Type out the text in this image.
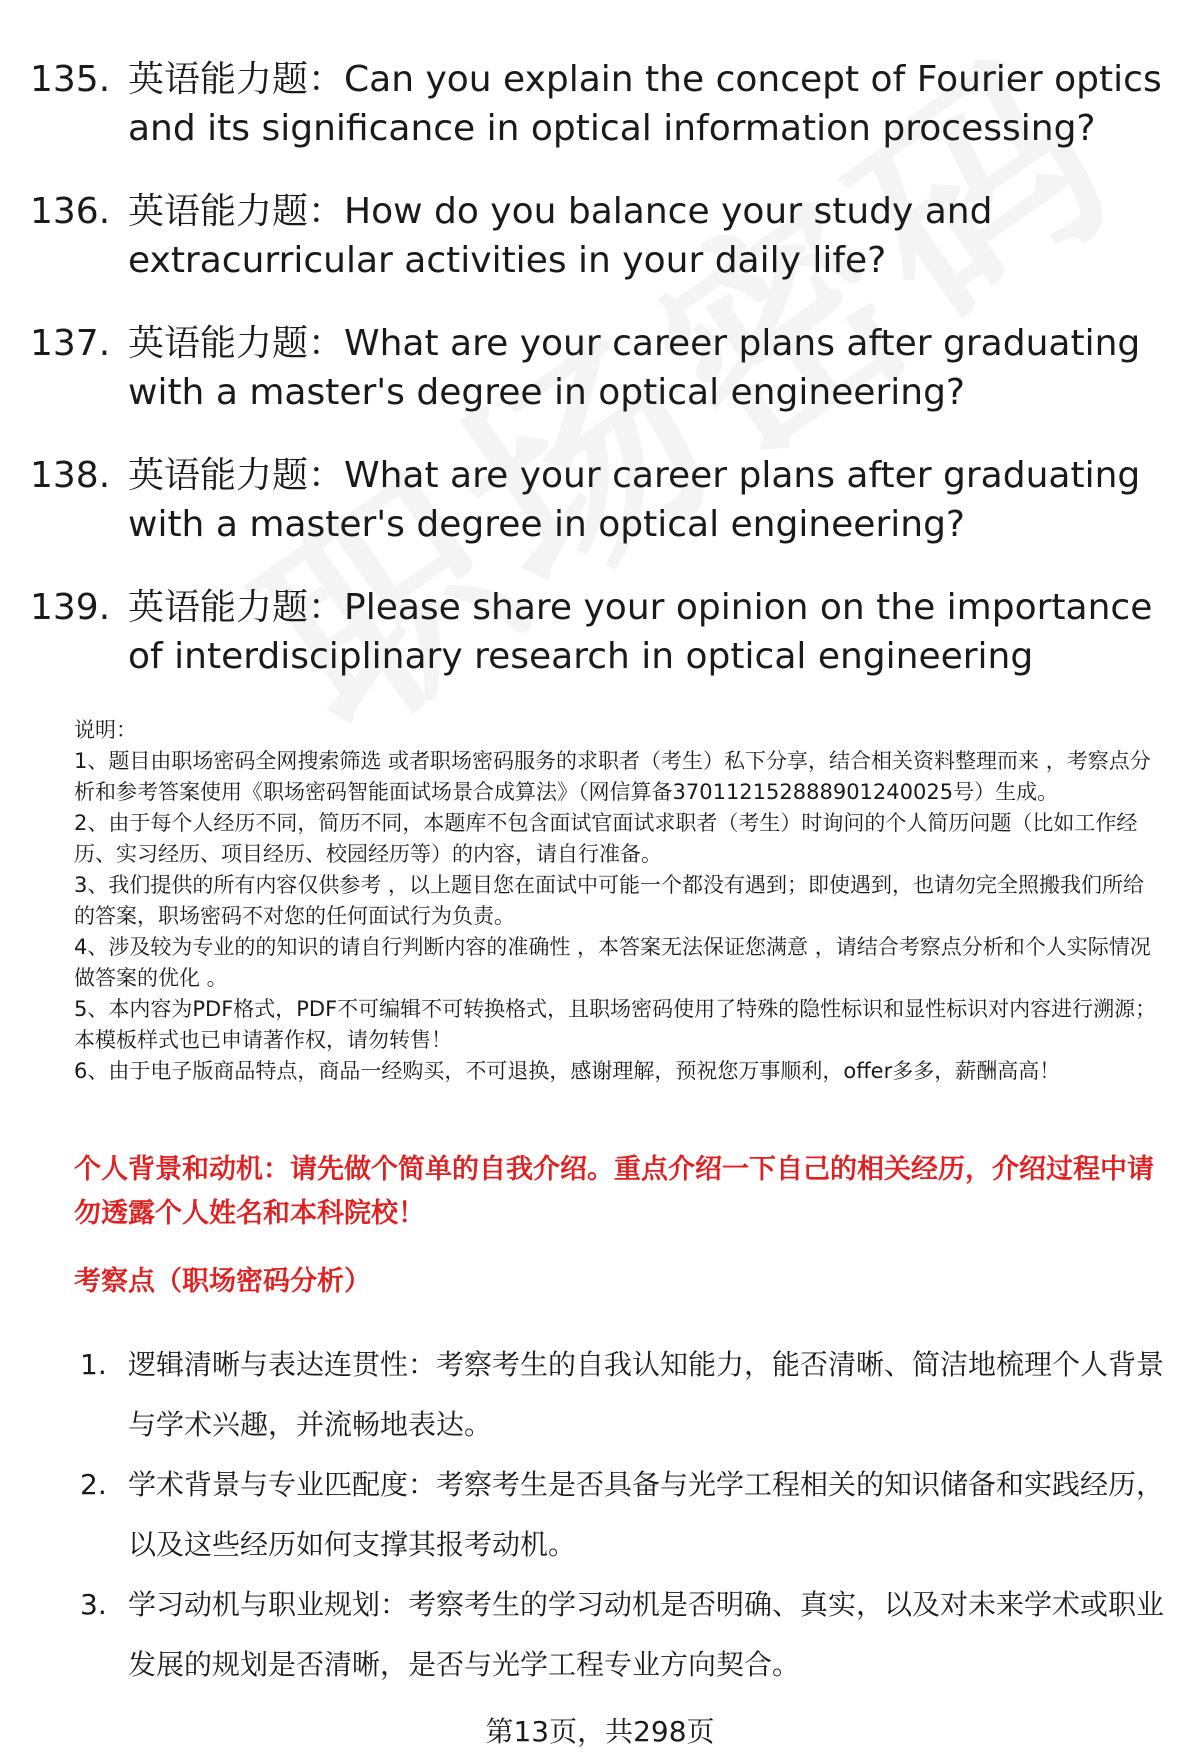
135. 英语能力题：Can you explain the concept of Fourier optics and its significance in optical information processing?
136. 英语能力题：How do you balance your study and extracurricular activities in your daily life?
137. 英语能力题：What are your career plans after graduating with a master's degree in optical engineering?
138. 英语能力题：What are your career plans after graduating with a master's degree in optical engineering?
139. 英语能力题：Please share your opinion on the importance of interdisciplinary research in optical engineering

说明：

1、题目由职场密码全网搜索筛选 或者职场密码服务的求职者（考生）私下分享，结合相关资料整理而来 ，考察点分析和参考答案使用《职场密码智能面试场景合成算法》（网信算备370112152888901240025号）生成。

2、由于每个人经历不同，简历不同，本题库不包含面试官面试求职者（考生）时询问的个人简历问题（比如工作经历、实习经历、项目经历、校园经历等）的内容，请自行准备。

3、我们提供的所有内容仅供参考 ，以上题目您在面试中可能一个都没有遇到；即使遇到，也请勿完全照搬我们所给的答案，职场密码不对您的任何面试行为负责。

4、涉及较为专业的的知识的请自行判断内容的准确性 ，本答案无法保证您满意 ，请结合考察点分析和个人实际情况做答案的优化 。

5、本内容为PDF格式，PDF不可编辑不可转换格式，且职场密码使用了特殊的隐性标识和显性标识对内容进行溯源；本模板样式也已申请著作权，请勿转售！

6、由于电子版商品特点，商品一经购买，不可退换，感谢理解，预祝您万事顺利，offer多多，薪酬高高！

个人背景和动机：请先做个简单的自我介绍。重点介绍一下自己的相关经历，介绍过程中请勿透露个人姓名和本科院校！
考察点（职场密码分析）
1. 逻辑清晰与表达连贯性：考察考生的自我认知能力，能否清晰、简洁地梳理个人背景与学术兴趣，并流畅地表达。
2. 学术背景与专业匹配度：考察考生是否具备与光学工程相关的知识储备和实践经历，以及这些经历如何支撑其报考动机。
3. 学习动机与职业规划：考察考生的学习动机是否明确、真实，以及对未来学术或职业发展的规划是否清晰，是否与光学工程专业方向契合。
第13页，共298页
